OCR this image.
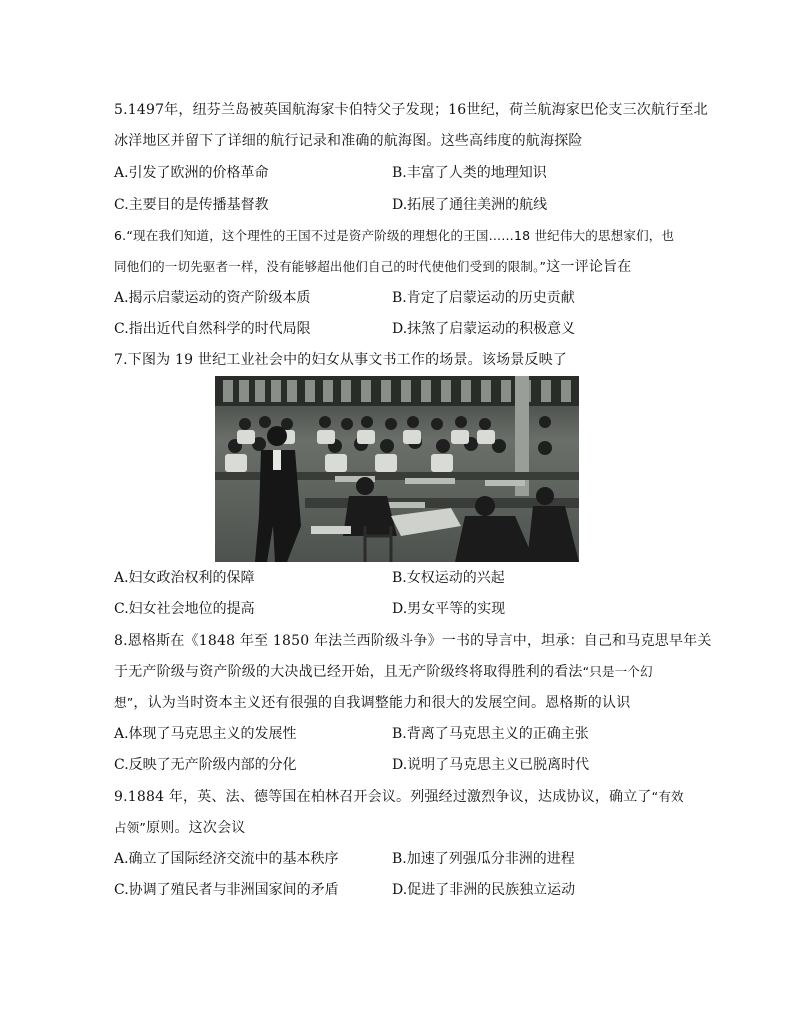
5.1497年，纽芬兰岛被英国航海家卡伯特父子发现；16世纪，荷兰航海家巴伦支三次航行至北
冰洋地区并留下了详细的航行记录和准确的航海图。这些高纬度的航海探险
A.引发了欧洲的价格革命	B.丰富了人类的地理知识
C.主要目的是传播基督教	D.拓展了通往美洲的航线
6.“现在我们知道，这个理性的王国不过是资产阶级的理想化的王国……18 世纪伟大的思想家们，也
同他们的一切先驱者一样，没有能够超出他们自己的时代使他们受到的限制。”这一评论旨在
A.揭示启蒙运动的资产阶级本质	B.肯定了启蒙运动的历史贡献
C.指出近代自然科学的时代局限	D.抹煞了启蒙运动的积极意义
7.下图为 19 世纪工业社会中的妇女从事文书工作的场景。该场景反映了
A.妇女政治权利的保障	B.女权运动的兴起
C.妇女社会地位的提高	D.男女平等的实现
8.恩格斯在《1848 年至 1850 年法兰西阶级斗争》一书的导言中，坦承：自己和马克思早年关
于无产阶级与资产阶级的大决战已经开始，且无产阶级终将取得胜利的看法“只是一个幻
想”，认为当时资本主义还有很强的自我调整能力和很大的发展空间。恩格斯的认识
A.体现了马克思主义的发展性	B.背离了马克思主义的正确主张
C.反映了无产阶级内部的分化	D.说明了马克思主义已脱离时代
9.1884 年，英、法、德等国在柏林召开会议。列强经过激烈争议，达成协议，确立了“有效
占领”原则。这次会议
A.确立了国际经济交流中的基本秩序	B.加速了列强瓜分非洲的进程
C.协调了殖民者与非洲国家间的矛盾	D.促进了非洲的民族独立运动
